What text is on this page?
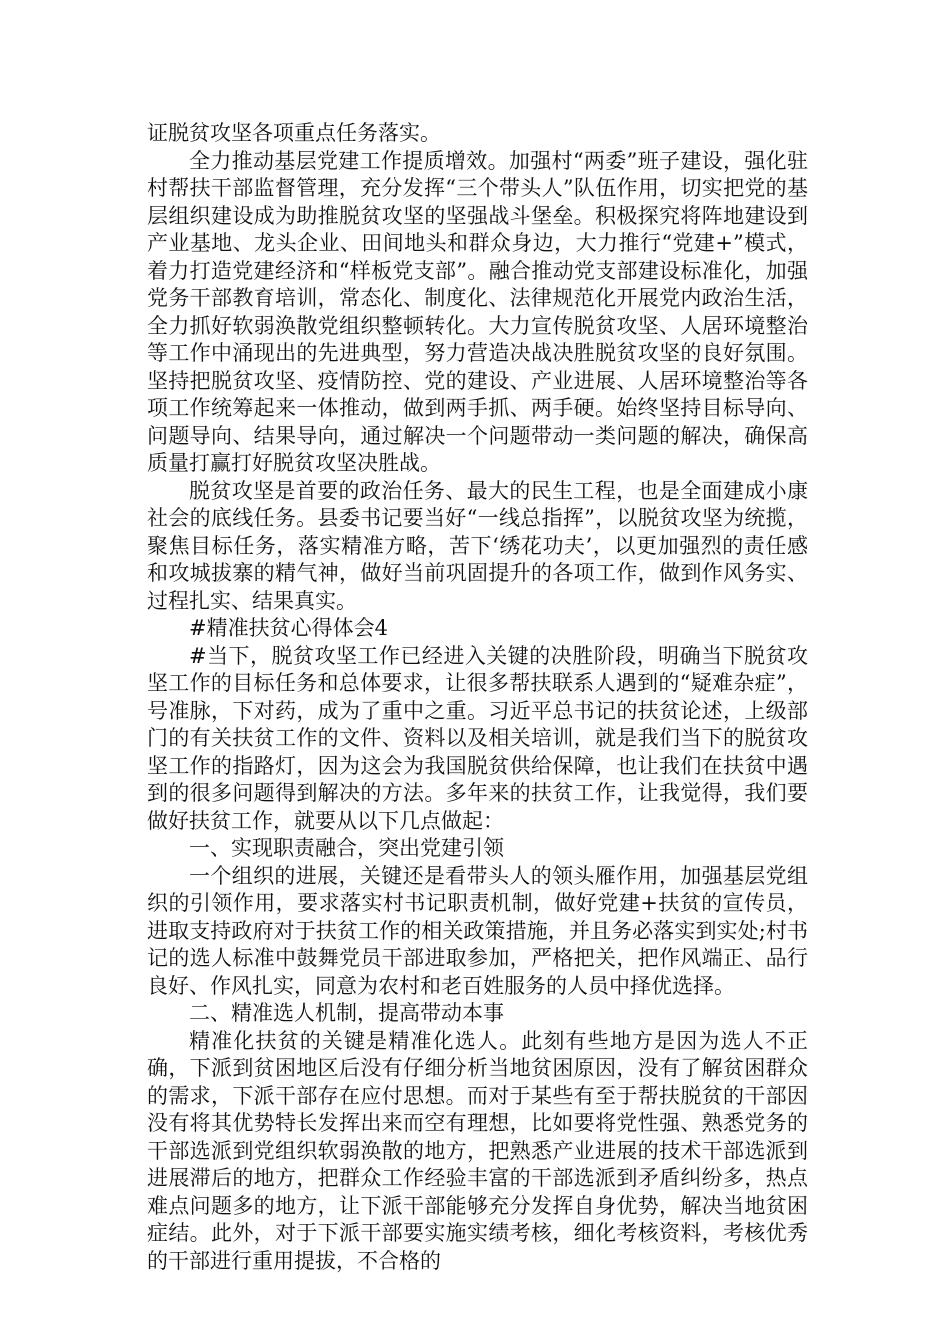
证脱贫攻坚各项重点任务落实。

全力推动基层党建工作提质增效。加强村“两委”班子建设，强化驻村帮扶干部监督管理，充分发挥“三个带头人”队伍作用，切实把党的基层组织建设成为助推脱贫攻坚的坚强战斗堡垒。积极探究将阵地建设到产业基地、龙头企业、田间地头和群众身边，大力推行“党建+”模式，着力打造党建经济和“样板党支部”。融合推动党支部建设标准化，加强党务干部教育培训，常态化、制度化、法律规范化开展党内政治生活，全力抓好软弱涣散党组织整顿转化。大力宣传脱贫攻坚、人居环境整治等工作中涌现出的先进典型，努力营造决战决胜脱贫攻坚的良好氛围。坚持把脱贫攻坚、疫情防控、党的建设、产业进展、人居环境整治等各项工作统筹起来一体推动，做到两手抓、两手硬。始终坚持目标导向、问题导向、结果导向，通过解决一个问题带动一类问题的解决，确保高质量打赢打好脱贫攻坚决胜战。

脱贫攻坚是首要的政治任务、最大的民生工程，也是全面建成小康社会的底线任务。县委书记要当好“一线总指挥”，以脱贫攻坚为统揽，聚焦目标任务，落实精准方略，苦下‘绣花功夫’，以更加强烈的责任感和攻城拔寨的精气神，做好当前巩固提升的各项工作，做到作风务实、过程扎实、结果真实。

#精准扶贫心得体会4

#当下，脱贫攻坚工作已经进入关键的决胜阶段，明确当下脱贫攻坚工作的目标任务和总体要求，让很多帮扶联系人遇到的“疑难杂症”，号准脉，下对药，成为了重中之重。习近平总书记的扶贫论述，上级部门的有关扶贫工作的文件、资料以及相关培训，就是我们当下的脱贫攻坚工作的指路灯，因为这会为我国脱贫供给保障，也让我们在扶贫中遇到的很多问题得到解决的方法。多年来的扶贫工作，让我觉得，我们要做好扶贫工作，就要从以下几点做起：

一、实现职责融合，突出党建引领

一个组织的进展，关键还是看带头人的领头雁作用，加强基层党组织的引领作用，要求落实村书记职责机制，做好党建+扶贫的宣传员，进取支持政府对于扶贫工作的相关政策措施，并且务必落实到实处;村书记的选人标准中鼓舞党员干部进取参加，严格把关，把作风端正、品行良好、作风扎实，同意为农村和老百姓服务的人员中择优选择。

二、精准选人机制，提高带动本事

精准化扶贫的关键是精准化选人。此刻有些地方是因为选人不正确，下派到贫困地区后没有仔细分析当地贫困原因，没有了解贫困群众的需求，下派干部存在应付思想。而对于某些有至于帮扶脱贫的干部因没有将其优势特长发挥出来而空有理想，比如要将党性强、熟悉党务的干部选派到党组织软弱涣散的地方，把熟悉产业进展的技术干部选派到进展滞后的地方，把群众工作经验丰富的干部选派到矛盾纠纷多，热点难点问题多的地方，让下派干部能够充分发挥自身优势，解决当地贫困症结。此外，对于下派干部要实施实绩考核，细化考核资料，考核优秀的干部进行重用提拔，不合格的
